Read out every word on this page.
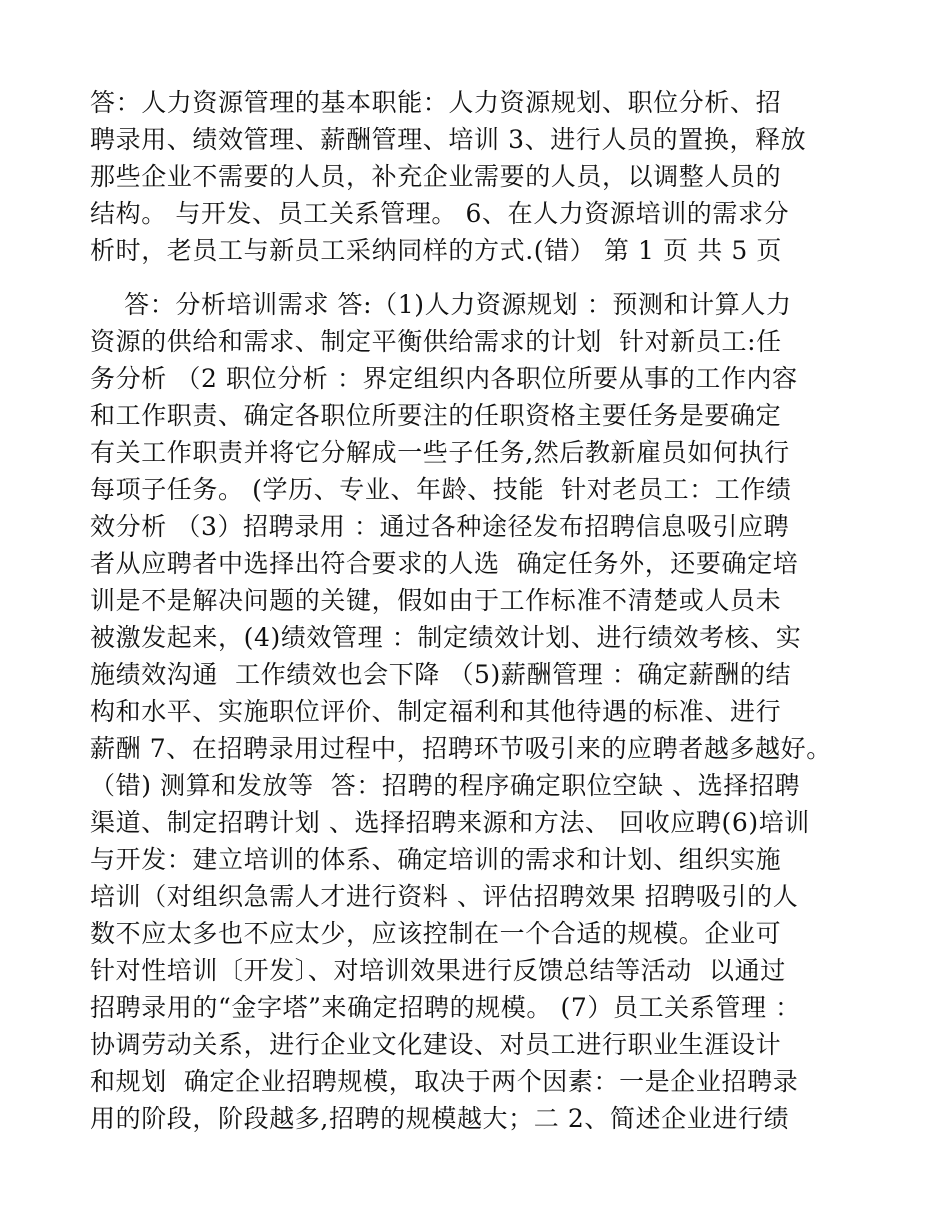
答：人力资源管理的基本职能：人力资源规划、职位分析、招

聘录用、绩效管理、薪酬管理、培训 3、进行人员的置换，释放

那些企业不需要的人员，补充企业需要的人员，以调整人员的

结构。 与开发、员工关系管理。 6、在人力资源培训的需求分

析时，老员工与新员工采纳同样的方式.(错） 第 1 页 共 5 页

答：分析培训需求 答:（1)人力资源规划 ：预测和计算人力

资源的供给和需求、制定平衡供给需求的计划  针对新员工:任

务分析 （2 职位分析 ：界定组织内各职位所要从事的工作内容

和工作职责、确定各职位所要注的任职资格主要任务是要确定

有关工作职责并将它分解成一些子任务,然后教新雇员如何执行

每项子任务。 (学历、专业、年龄、技能  针对老员工：工作绩

效分析 （3）招聘录用 ：通过各种途径发布招聘信息吸引应聘

者从应聘者中选择出符合要求的人选  确定任务外，还要确定培

训是不是解决问题的关键，假如由于工作标准不清楚或人员未

被激发起来，(4)绩效管理 ：制定绩效计划、进行绩效考核、实

施绩效沟通  工作绩效也会下降 （5)薪酬管理 ：确定薪酬的结

构和水平、实施职位评价、制定福利和其他待遇的标准、进行

薪酬 7、在招聘录用过程中，招聘环节吸引来的应聘者越多越好。

（错) 测算和发放等  答：招聘的程序确定职位空缺 、选择招聘

渠道、制定招聘计划 、选择招聘来源和方法、 回收应聘(6)培训

与开发：建立培训的体系、确定培训的需求和计划、组织实施

培训（对组织急需人才进行资料 、评估招聘效果 招聘吸引的人

数不应太多也不应太少，应该控制在一个合适的规模。企业可

针对性培训〔开发〕、对培训效果进行反馈总结等活动  以通过

招聘录用的“金字塔”来确定招聘的规模。 (7）员工关系管理 ：

协调劳动关系，进行企业文化建设、对员工进行职业生涯设计

和规划  确定企业招聘规模，取决于两个因素：一是企业招聘录

用的阶段，阶段越多,招聘的规模越大；二 2、简述企业进行绩
